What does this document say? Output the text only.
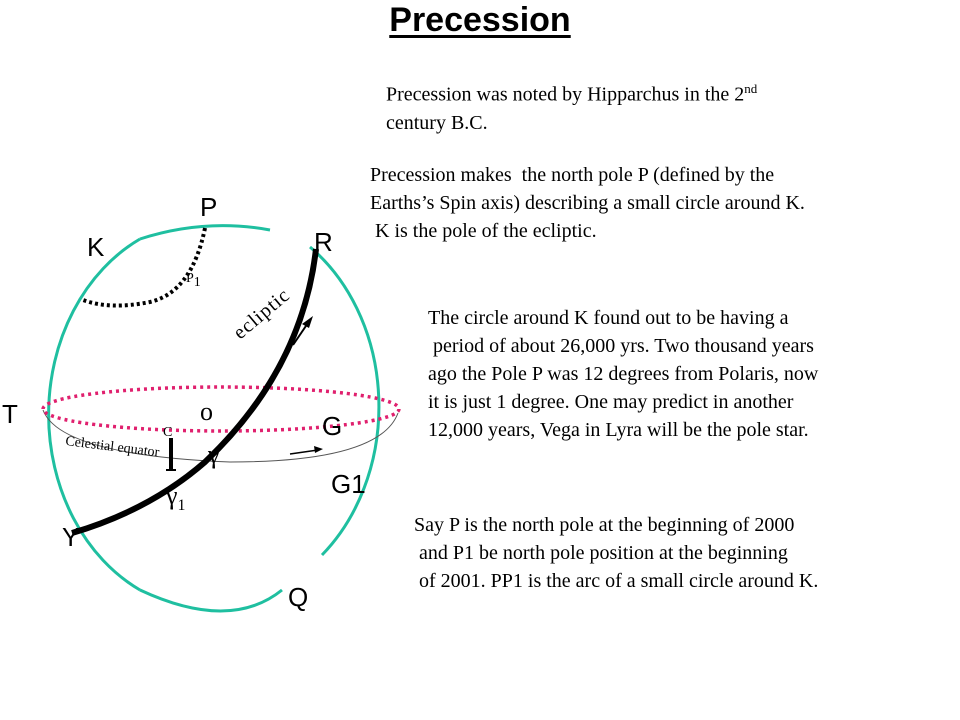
Precession
Precession was noted by Hipparchus in the 2nd
century B.C.
Precession makes  the north pole P (defined by the
Earths’s Spin axis) describing a small circle around K.
K is the pole of the ecliptic.
The circle around K found out to be having a
period of about 26,000 yrs. Two thousand years
ago the Pole P was 12 degrees from Polaris, now
it is just 1 degree. One may predict in another
12,000 years, Vega in Lyra will be the pole star.
Say P is the north pole at the beginning of 2000
and P1 be north pole position at the beginning
of 2001. PP1 is the arc of a small circle around K.
P
K	R
T	o	G
G1
Y
Q
P1
γ
$\gamma_1$
C
ecliptic
Celestial equator
